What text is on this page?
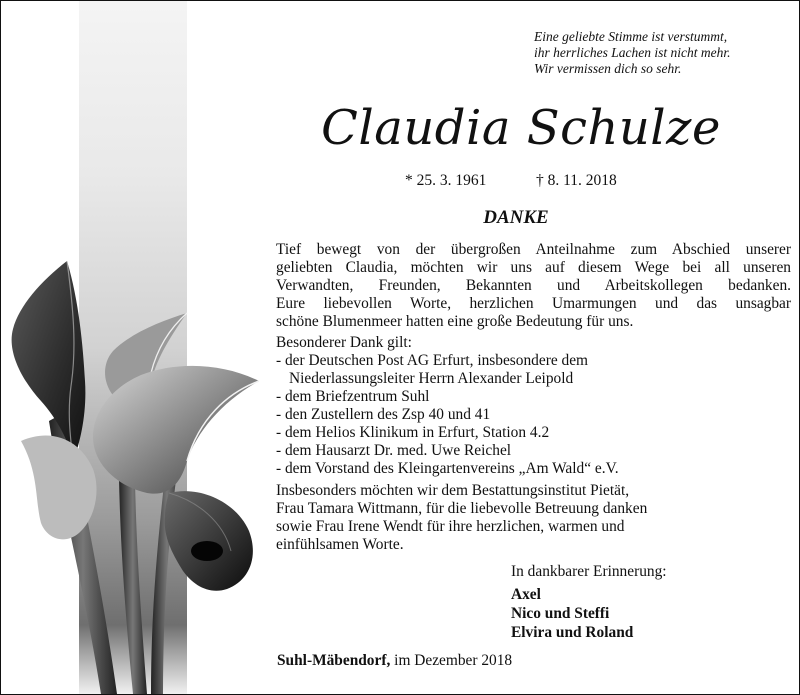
Eine geliebte Stimme ist verstummt,
ihr herrliches Lachen ist nicht mehr.
Wir vermissen dich so sehr.
Claudia Schulze
* 25. 3. 1961	† 8. 11. 2018
DANKE
Tief bewegt von der übergroßen Anteilnahme zum Abschied unserer
geliebten Claudia, möchten wir uns auf diesem Wege bei all unseren
Verwandten, Freunden, Bekannten und Arbeitskollegen bedanken.
Eure liebevollen Worte, herzlichen Umarmungen und das unsagbar
schöne Blumenmeer hatten eine große Bedeutung für uns.
Besonderer Dank gilt:
- der Deutschen Post AG Erfurt, insbesondere dem
Niederlassungsleiter Herrn Alexander Leipold
- dem Briefzentrum Suhl
- den Zustellern des Zsp 40 und 41
- dem Helios Klinikum in Erfurt, Station 4.2
- dem Hausarzt Dr. med. Uwe Reichel
- dem Vorstand des Kleingartenvereins „Am Wald“ e.V.
Insbesonders möchten wir dem Bestattungsinstitut Pietät,
Frau Tamara Wittmann, für die liebevolle Betreuung danken
sowie Frau Irene Wendt für ihre herzlichen, warmen und
einfühlsamen Worte.
In dankbarer Erinnerung:
Axel
Nico und Steffi
Elvira und Roland
Suhl-Mäbendorf, im Dezember 2018
